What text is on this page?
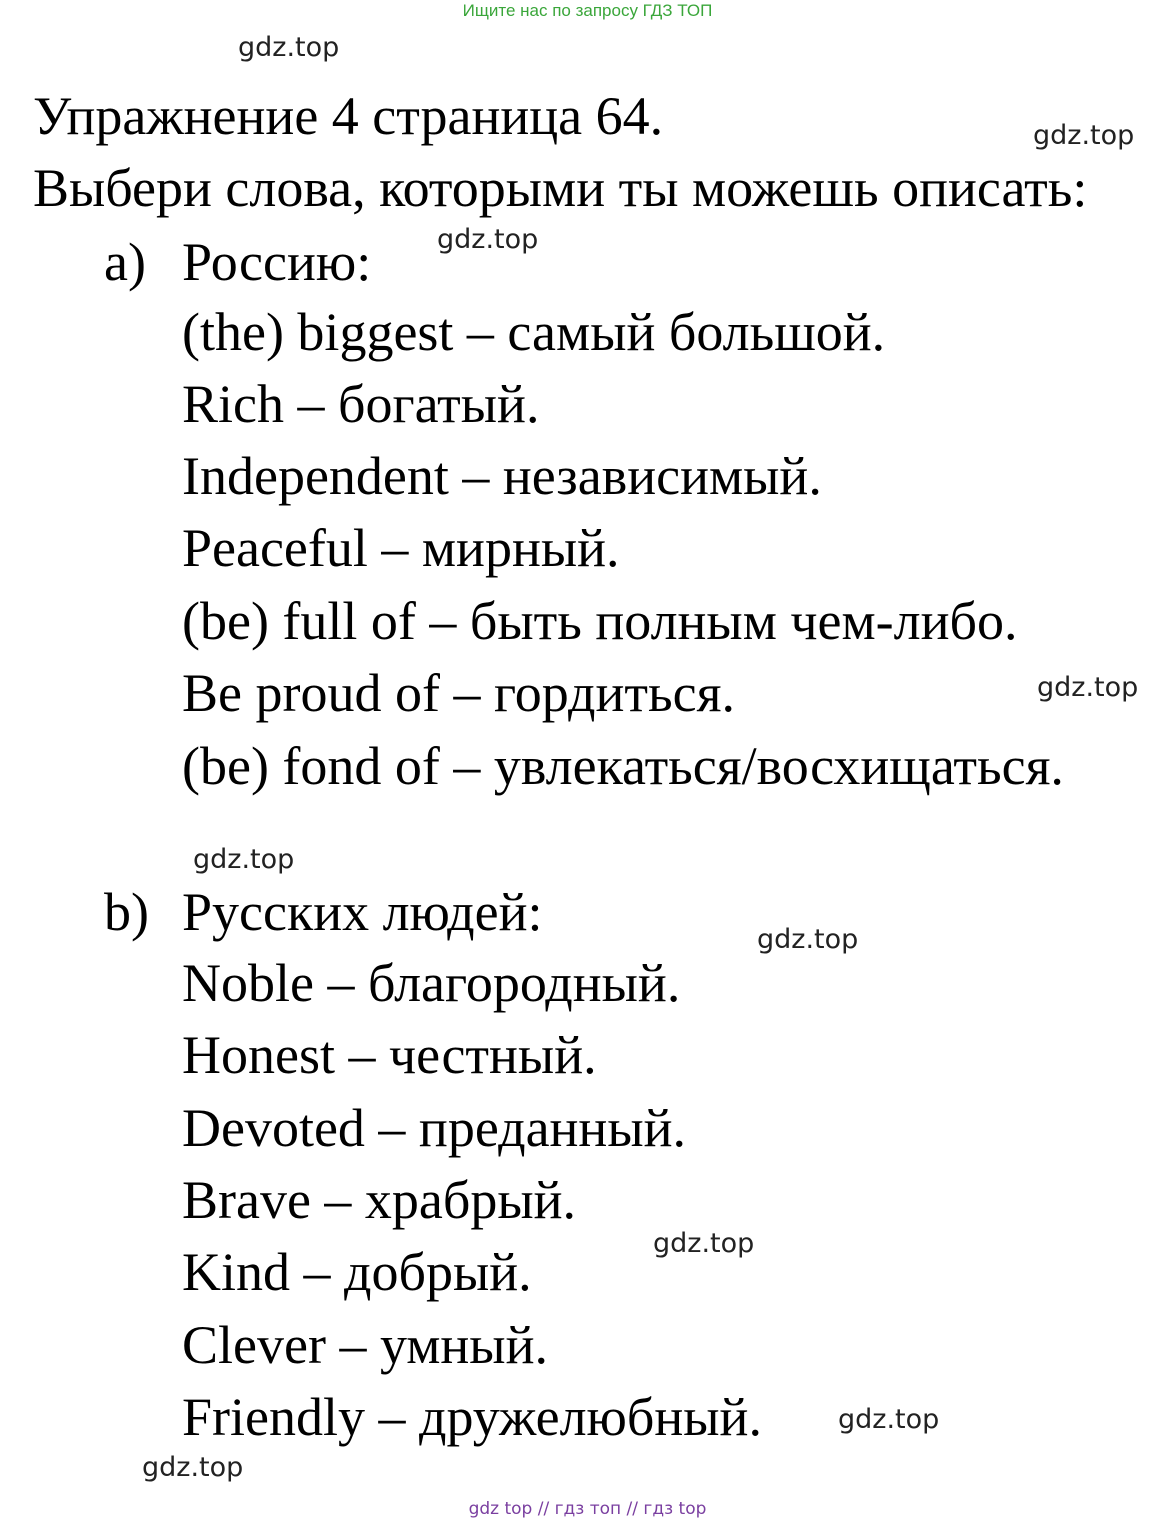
Ищите нас по запросу ГДЗ ТОП
gdz.top
gdz.top
gdz.top
gdz.top
gdz.top
gdz.top
gdz.top
gdz.top
gdz.top
Упражнение 4 страница 64.
Выбери слова, которыми ты можешь описать:
a) Россию:
(the) biggest – самый большой.
Rich – богатый.
Independent – независимый.
Peaceful – мирный.
(be) full of – быть полным чем-либо.
Be proud of – гордиться.
(be) fond of – увлекаться/восхищаться.
b) Русских людей:
Noble – благородный.
Honest – честный.
Devoted – преданный.
Brave – храбрый.
Kind – добрый.
Clever – умный.
Friendly – дружелюбный.
gdz top // гдз топ // гдз top
